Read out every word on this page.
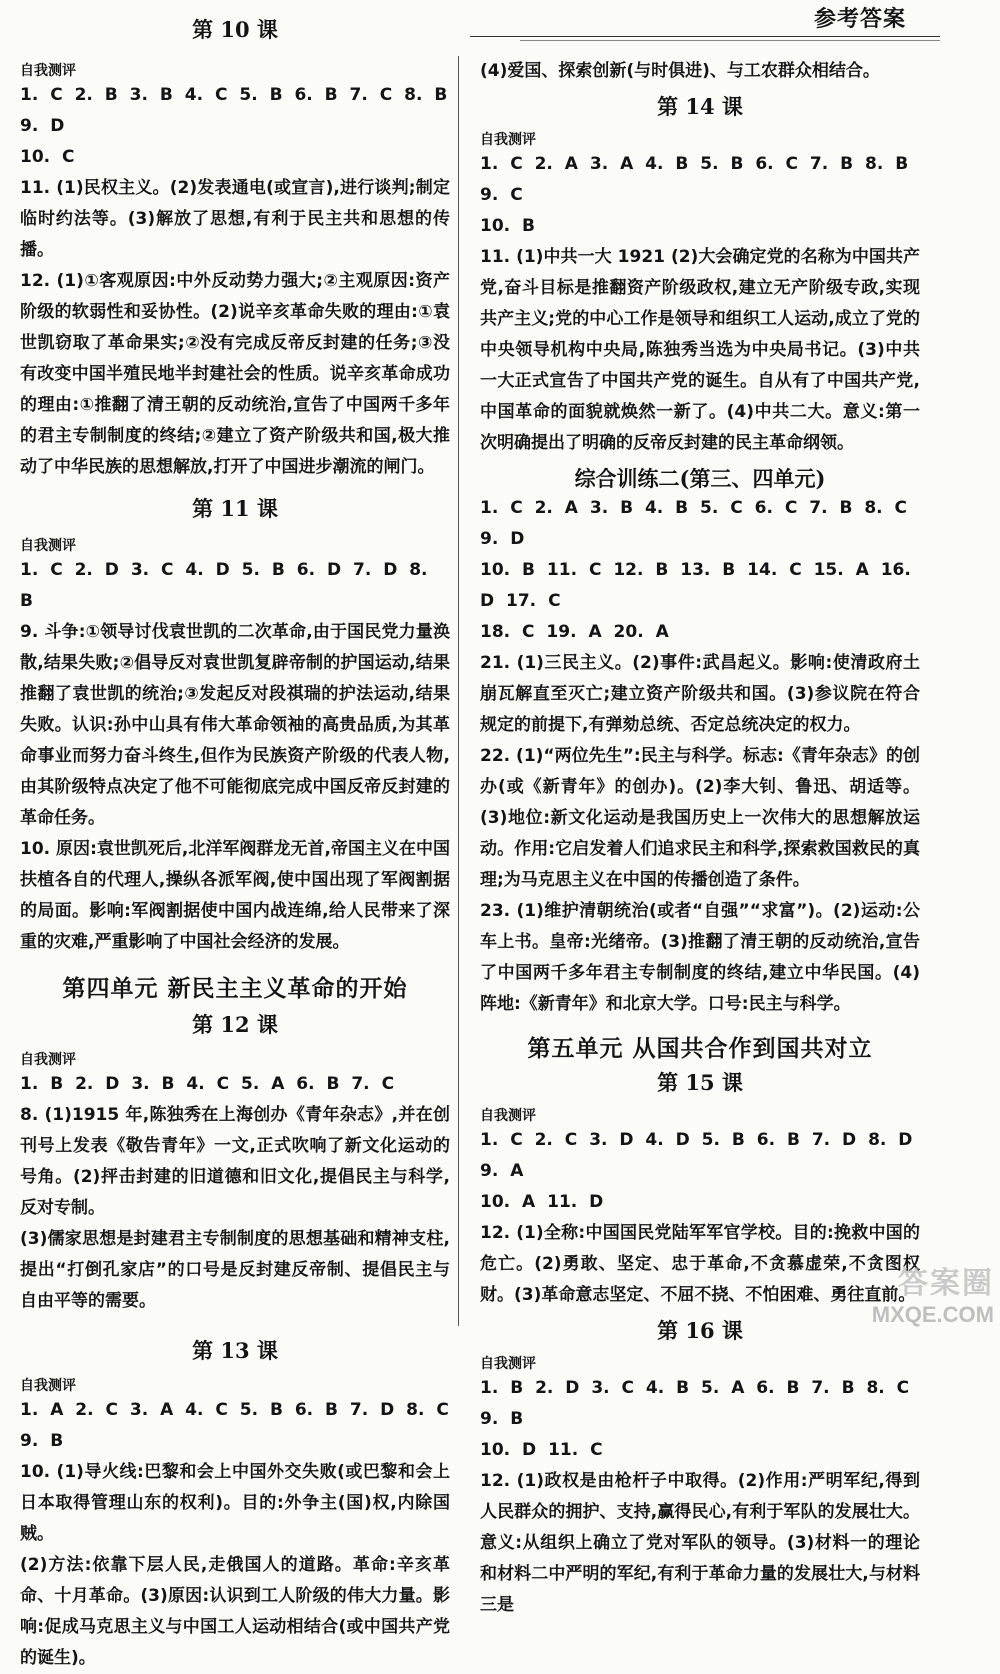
参考答案

第 10 课

自我测评

1. C 2. B 3. B 4. C 5. B 6. B 7. C 8. B 9. D

10. C

11. (1)民权主义。(2)发表通电(或宣言),进行谈判;制定临时约法等。(3)解放了思想,有利于民主共和思想的传播。

12. (1)①客观原因:中外反动势力强大;②主观原因:资产阶级的软弱性和妥协性。(2)说辛亥革命失败的理由:①袁世凯窃取了革命果实;②没有完成反帝反封建的任务;③没有改变中国半殖民地半封建社会的性质。说辛亥革命成功的理由:①推翻了清王朝的反动统治,宣告了中国两千多年的君主专制制度的终结;②建立了资产阶级共和国,极大推动了中华民族的思想解放,打开了中国进步潮流的闸门。

第 11 课

自我测评

1. C 2. D 3. C 4. D 5. B 6. D 7. D 8. B

9. 斗争:①领导讨伐袁世凯的二次革命,由于国民党力量涣散,结果失败;②倡导反对袁世凯复辟帝制的护国运动,结果推翻了袁世凯的统治;③发起反对段祺瑞的护法运动,结果失败。认识:孙中山具有伟大革命领袖的高贵品质,为其革命事业而努力奋斗终生,但作为民族资产阶级的代表人物,由其阶级特点决定了他不可能彻底完成中国反帝反封建的革命任务。

10. 原因:袁世凯死后,北洋军阀群龙无首,帝国主义在中国扶植各自的代理人,操纵各派军阀,使中国出现了军阀割据的局面。影响:军阀割据使中国内战连绵,给人民带来了深重的灾难,严重影响了中国社会经济的发展。

第四单元 新民主主义革命的开始

第 12 课

自我测评

1. B 2. D 3. B 4. C 5. A 6. B 7. C

8. (1)1915 年,陈独秀在上海创办《青年杂志》,并在创刊号上发表《敬告青年》一文,正式吹响了新文化运动的号角。(2)抨击封建的旧道德和旧文化,提倡民主与科学,反对专制。

(3)儒家思想是封建君主专制制度的思想基础和精神支柱,提出“打倒孔家店”的口号是反封建反帝制、提倡民主与自由平等的需要。

第 13 课

自我测评

1. A 2. C 3. A 4. C 5. B 6. B 7. D 8. C 9. B

10. (1)导火线:巴黎和会上中国外交失败(或巴黎和会上日本取得管理山东的权利)。目的:外争主(国)权,内除国贼。

(2)方法:依靠下层人民,走俄国人的道路。革命:辛亥革命、十月革命。(3)原因:认识到工人阶级的伟大力量。影响:促成马克思主义与中国工人运动相结合(或中国共产党的诞生)。

(4)爱国、探索创新(与时俱进)、与工农群众相结合。

第 14 课

自我测评

1. C 2. A 3. A 4. B 5. B 6. C 7. B 8. B 9. C

10. B

11. (1)中共一大 1921 (2)大会确定党的名称为中国共产党,奋斗目标是推翻资产阶级政权,建立无产阶级专政,实现共产主义;党的中心工作是领导和组织工人运动,成立了党的中央领导机构中央局,陈独秀当选为中央局书记。(3)中共一大正式宣告了中国共产党的诞生。自从有了中国共产党,中国革命的面貌就焕然一新了。(4)中共二大。意义:第一次明确提出了明确的反帝反封建的民主革命纲领。

综合训练二(第三、四单元)

1. C 2. A 3. B 4. B 5. C 6. C 7. B 8. C 9. D

10. B 11. C 12. B 13. B 14. C 15. A 16. D 17. C

18. C 19. A 20. A

21. (1)三民主义。(2)事件:武昌起义。影响:使清政府土崩瓦解直至灭亡;建立资产阶级共和国。(3)参议院在符合规定的前提下,有弹劾总统、否定总统决定的权力。

22. (1)“两位先生”:民主与科学。标志:《青年杂志》的创办(或《新青年》的创办)。(2)李大钊、鲁迅、胡适等。(3)地位:新文化运动是我国历史上一次伟大的思想解放运动。作用:它启发着人们追求民主和科学,探索救国救民的真理;为马克思主义在中国的传播创造了条件。

23. (1)维护清朝统治(或者“自强”“求富”)。(2)运动:公车上书。皇帝:光绪帝。(3)推翻了清王朝的反动统治,宣告了中国两千多年君主专制制度的终结,建立中华民国。(4)阵地:《新青年》和北京大学。口号:民主与科学。

第五单元 从国共合作到国共对立

第 15 课

自我测评

1. C 2. C 3. D 4. D 5. B 6. B 7. D 8. D 9. A

10. A 11. D

12. (1)全称:中国国民党陆军军官学校。目的:挽救中国的危亡。(2)勇敢、坚定、忠于革命,不贪慕虚荣,不贪图权财。(3)革命意志坚定、不屈不挠、不怕困难、勇往直前。

第 16 课

自我测评

1. B 2. D 3. C 4. B 5. A 6. B 7. B 8. C 9. B

10. D 11. C

12. (1)政权是由枪杆子中取得。(2)作用:严明军纪,得到人民群众的拥护、支持,赢得民心,有利于军队的发展壮大。意义:从组织上确立了党对军队的领导。(3)材料一的理论和材料二中严明的军纪,有利于革命力量的发展壮大,与材料三是

答案圈
MXQE.COM
